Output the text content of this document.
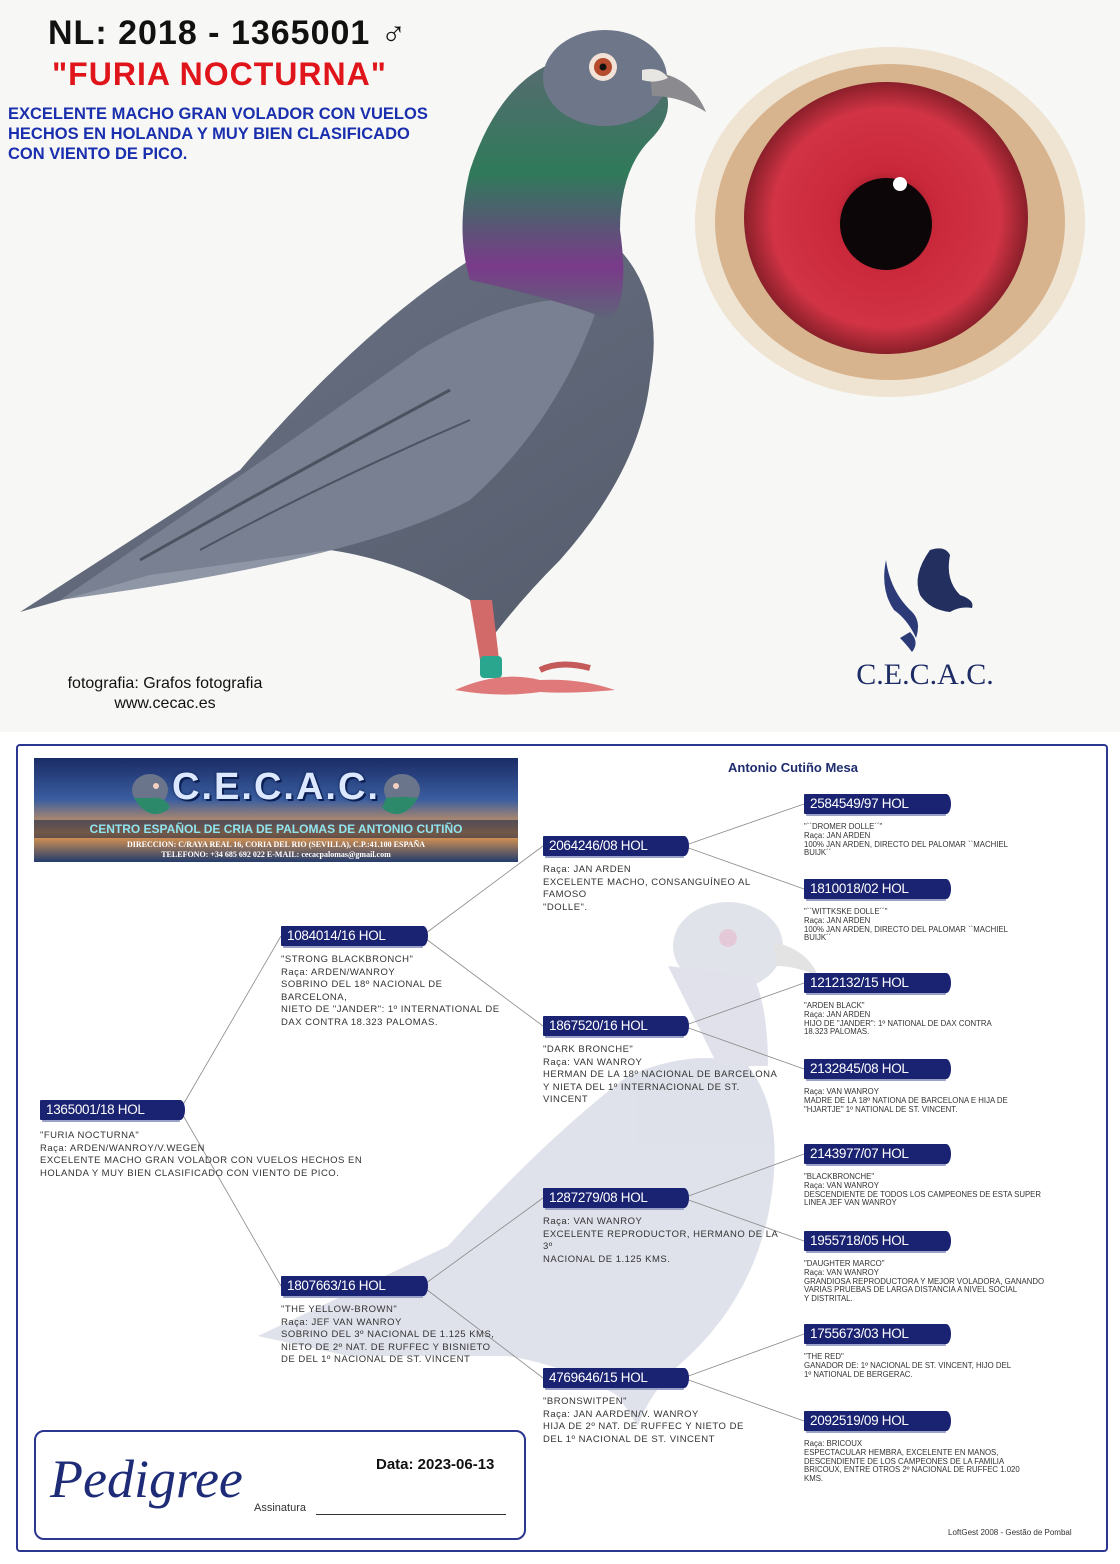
NL: 2018 - 1365001 ♂
"FURIA NOCTURNA"
EXCELENTE MACHO GRAN VOLADOR CON VUELOS
HECHOS EN HOLANDA Y MUY BIEN CLASIFICADO
CON VIENTO DE PICO.
fotografia: Grafos fotografia
www.cecac.es
C.E.C.A.C.
C.E.C.A.C.
CENTRO ESPAÑOL DE CRIA DE PALOMAS DE ANTONIO CUTIÑO
DIRECCION: C/RAYA REAL 16, CORIA DEL RIO (SEVILLA), C.P.:41.100 ESPAÑA
TELEFONO: +34 685 692 022 E-MAIL: cecacpalomas@gmail.com
Antonio Cutiño Mesa
1365001/18 HOL
"FURIA NOCTURNA"
Raça: ARDEN/WANROY/V.WEGEN
EXCELENTE MACHO GRAN VOLADOR CON VUELOS HECHOS EN
HOLANDA Y MUY BIEN CLASIFICADO CON VIENTO DE PICO.
1084014/16 HOL
"STRONG BLACKBRONCH"
Raça: ARDEN/WANROY
SOBRINO DEL 18º NACIONAL DE BARCELONA,
NIETO DE "JANDER": 1º INTERNATIONAL DE
DAX CONTRA 18.323 PALOMAS.
1807663/16 HOL
"THE YELLOW-BROWN"
Raça: JEF VAN WANROY
SOBRINO DEL 3º NACIONAL DE 1.125 KMS,
NIETO DE 2º NAT. DE RUFFEC Y BISNIETO
DE DEL 1º NACIONAL DE ST. VINCENT
2064246/08 HOL
Raça: JAN ARDEN
EXCELENTE MACHO, CONSANGUÍNEO AL FAMOSO
"DOLLE".
1867520/16 HOL
"DARK BRONCHE"
Raça: VAN WANROY
HERMAN DE LA 18º NACIONAL DE BARCELONA
Y NIETA DEL 1º INTERNACIONAL DE ST.
VINCENT
1287279/08 HOL
Raça: VAN WANROY
EXCELENTE REPRODUCTOR, HERMANO DE LA 3º
NACIONAL DE 1.125 KMS.
4769646/15 HOL
"BRONSWITPEN"
Raça: JAN AARDEN/V. WANROY
HIJA DE 2º NAT. DE RUFFEC Y NIETO DE
DEL 1º NACIONAL DE ST. VINCENT
2584549/97 HOL
"``DROMER DOLLE´´"
Raça: JAN ARDEN
100% JAN ARDEN, DIRECTO DEL PALOMAR ``MACHIEL
BUIJK´´
1810018/02 HOL
"``WITTKSKE DOLLE´´"
Raça: JAN ARDEN
100% JAN ARDEN, DIRECTO DEL PALOMAR ``MACHIEL
BUIJK´´
1212132/15 HOL
"ARDEN BLACK"
Raça: JAN ARDEN
HIJO DE "JANDER": 1º NATIONAL DE DAX CONTRA
18.323 PALOMAS.
2132845/08 HOL
Raça: VAN WANROY
MADRE DE LA 18º NATIONA DE BARCELONA E HIJA DE
"HJARTJE" 1º NATIONAL DE ST. VINCENT.
2143977/07 HOL
"BLACKBRONCHE"
Raça: VAN WANROY
DESCENDIENTE DE TODOS LOS CAMPEONES DE ESTA SUPER
LINEA JEF VAN WANROY
1955718/05 HOL
"DAUGHTER MARCO"
Raça: VAN WANROY
GRANDIOSA REPRODUCTORA Y MEJOR VOLADORA, GANANDO
VARIAS PRUEBAS DE LARGA DISTANCIA A NIVEL SOCIAL
Y DISTRITAL.
1755673/03 HOL
"THE RED"
GANADOR DE: 1º NACIONAL DE ST. VINCENT, HIJO DEL
1º NATIONAL DE BERGERAC.
2092519/09 HOL
Raça: BRICOUX
ESPECTACULAR HEMBRA, EXCELENTE EN MANOS,
DESCENDIENTE DE LOS CAMPEONES DE LA FAMILIA
BRICOUX, ENTRE OTROS 2º NACIONAL DE RUFFEC 1.020
KMS.
Pedigree	Data: 2023-06-13
Assinatura
LoftGest 2008 - Gestão de Pombal
